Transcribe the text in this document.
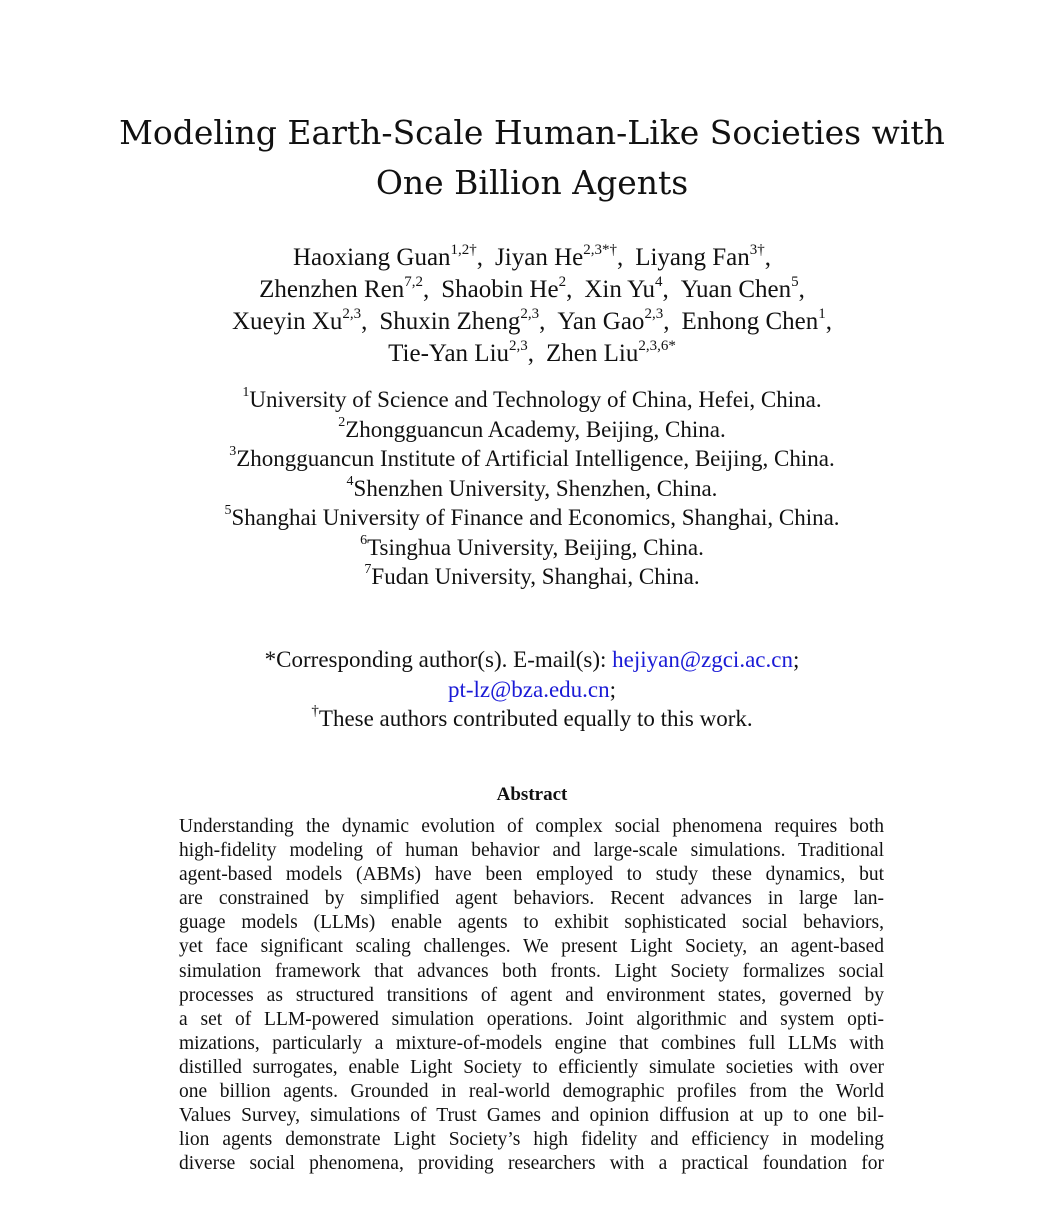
Modeling Earth-Scale Human-Like Societies with
One Billion Agents
Haoxiang Guan$^{1,2\dagger}$, Jiyan $He^{2,3*\dagger}$, Liyang Fan$^{3\dagger}$,
Zhenzhen Ren$^{7,2}$, Shaobin He$^2$, Xin Yu$^4$, Yuan Chen$^5$,
Xueyin Xu$^{2,3}$, Shuxin Zheng$^{2,3}$, Yan Gao$^{2,3}$, Enhong Chen$^1$,
Tie-Yan Liu$^{2,3}$, Zhen Liu$^{2,3,6*}$
$^1$University of Science and Technology of China, Hefei, China.
$^2$Zhongguancun Academy, Beijing, China.
$^3$Zhongguancun Institute of Artificial Intelligence, Beijing, China.
$^4$Shenzhen University, Shenzhen, China.
$^5$Shanghai University of Finance and Economics, Shanghai, China.
$^6$Tsinghua University, Beijing, China.
$^7$Fudan University, Shanghai, China.
*Corresponding author(s). E-mail(s): hejiyan@zgci.ac.cn;
pt-lz@bza.edu.cn;
†These authors contributed equally to this work.
Abstract
Understanding the dynamic evolution of complex social phenomena requires both
high-fidelity modeling of human behavior and large-scale simulations. Traditional
agent-based models (ABMs) have been employed to study these dynamics, but
are constrained by simplified agent behaviors. Recent advances in large lan-
guage models (LLMs) enable agents to exhibit sophisticated social behaviors,
yet face significant scaling challenges. We present Light Society, an agent-based
simulation framework that advances both fronts. Light Society formalizes social
processes as structured transitions of agent and environment states, governed by
a set of LLM-powered simulation operations. Joint algorithmic and system opti-
mizations, particularly a mixture-of-models engine that combines full LLMs with
distilled surrogates, enable Light Society to efficiently simulate societies with over
one billion agents. Grounded in real-world demographic profiles from the World
Values Survey, simulations of Trust Games and opinion diffusion at up to one bil-
lion agents demonstrate Light Society’s high fidelity and efficiency in modeling
diverse social phenomena, providing researchers with a practical foundation for
